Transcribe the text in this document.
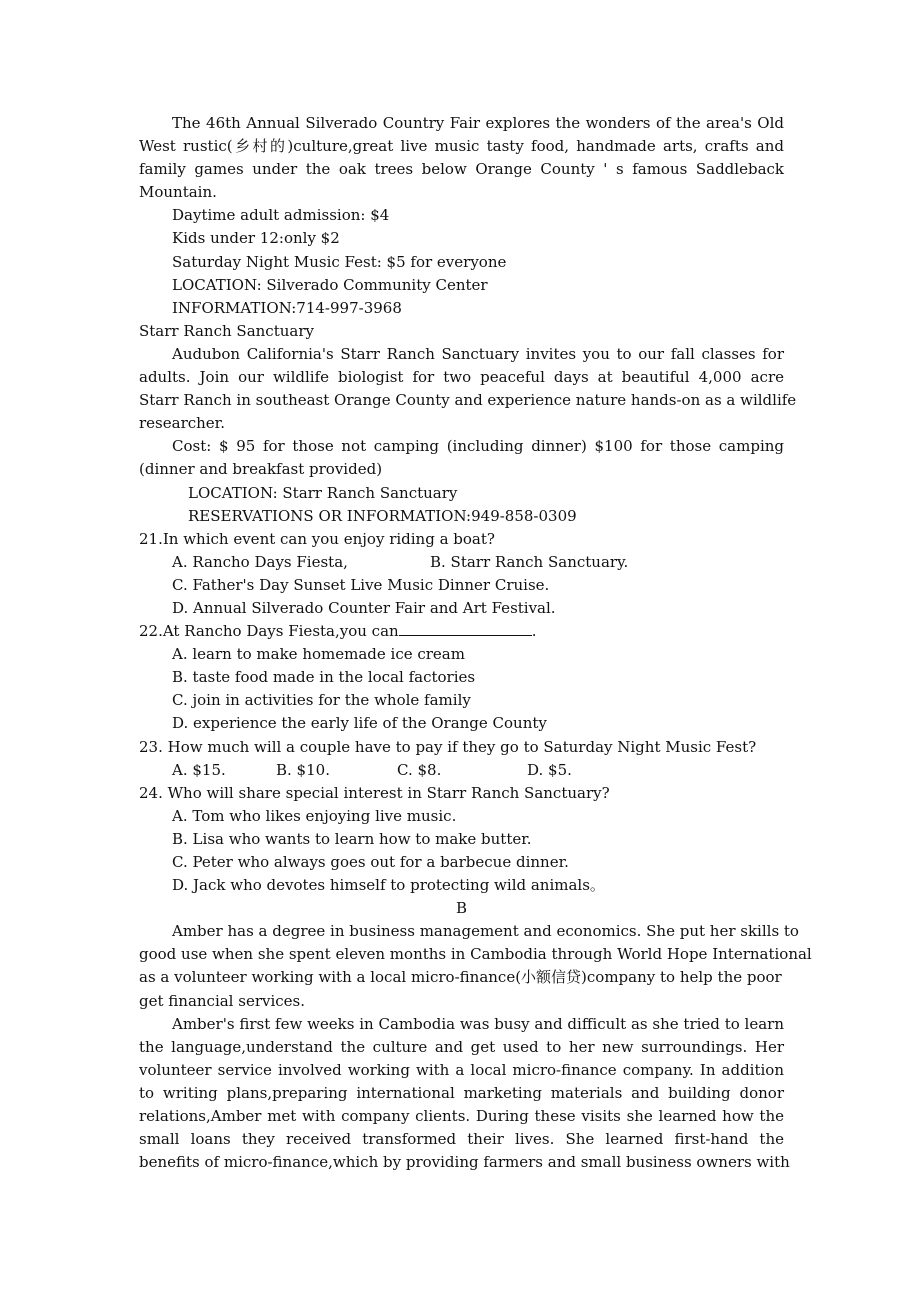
The 46th Annual Silverado Country Fair explores the wonders of the area's Old
West rustic(乡村的)culture,great live music tasty food, handmade arts, crafts and
family games under the oak trees below Orange County ' s famous Saddleback
Mountain.
Daytime adult admission: $4
Kids under 12:only $2
Saturday Night Music Fest: $5 for everyone
LOCATION: Silverado Community Center
INFORMATION:714-997-3968
Starr Ranch Sanctuary
Audubon California's Starr Ranch Sanctuary invites you to our fall classes for
adults. Join our wildlife biologist for two peaceful days at beautiful 4,000 acre
Starr Ranch in southeast Orange County and experience nature hands-on as a wildlife
researcher.
Cost: $ 95 for those not camping (including dinner) $100 for those camping
(dinner and breakfast provided)
LOCATION: Starr Ranch Sanctuary
RESERVATIONS OR INFORMATION:949-858-0309
21.In which event can you enjoy riding a boat?
A. Rancho Days Fiesta,	B. Starr Ranch Sanctuary.
C. Father's Day Sunset Live Music Dinner Cruise.
D. Annual Silverado Counter Fair and Art Festival.
22.At Rancho Days Fiesta,you can	.
A. learn to make homemade ice cream
B. taste food made in the local factories
C. join in activities for the whole family
D. experience the early life of the Orange County
23. How much will a couple have to pay if they go to Saturday Night Music Fest?
A. $15.	B. $10.	C. $8.	D. $5.
24. Who will share special interest in Starr Ranch Sanctuary?
A. Tom who likes enjoying live music.
B. Lisa who wants to learn how to make butter.
C. Peter who always goes out for a barbecue dinner.
D. Jack who devotes himself to protecting wild animals。
B
Amber has a degree in business management and economics. She put her skills to
good use when she spent eleven months in Cambodia through World Hope International
as a volunteer working with a local micro-finance(小额信贷)company to help the poor
get financial services.
Amber's first few weeks in Cambodia was busy and difficult as she tried to learn
the language,understand the culture and get used to her new surroundings. Her
volunteer service involved working with a local micro-finance company. In addition
to writing plans,preparing international marketing materials and building donor
relations,Amber met with company clients. During these visits she learned how the
small loans they received transformed their lives. She learned first-hand the
benefits of micro-finance,which by providing farmers and small business owners with
